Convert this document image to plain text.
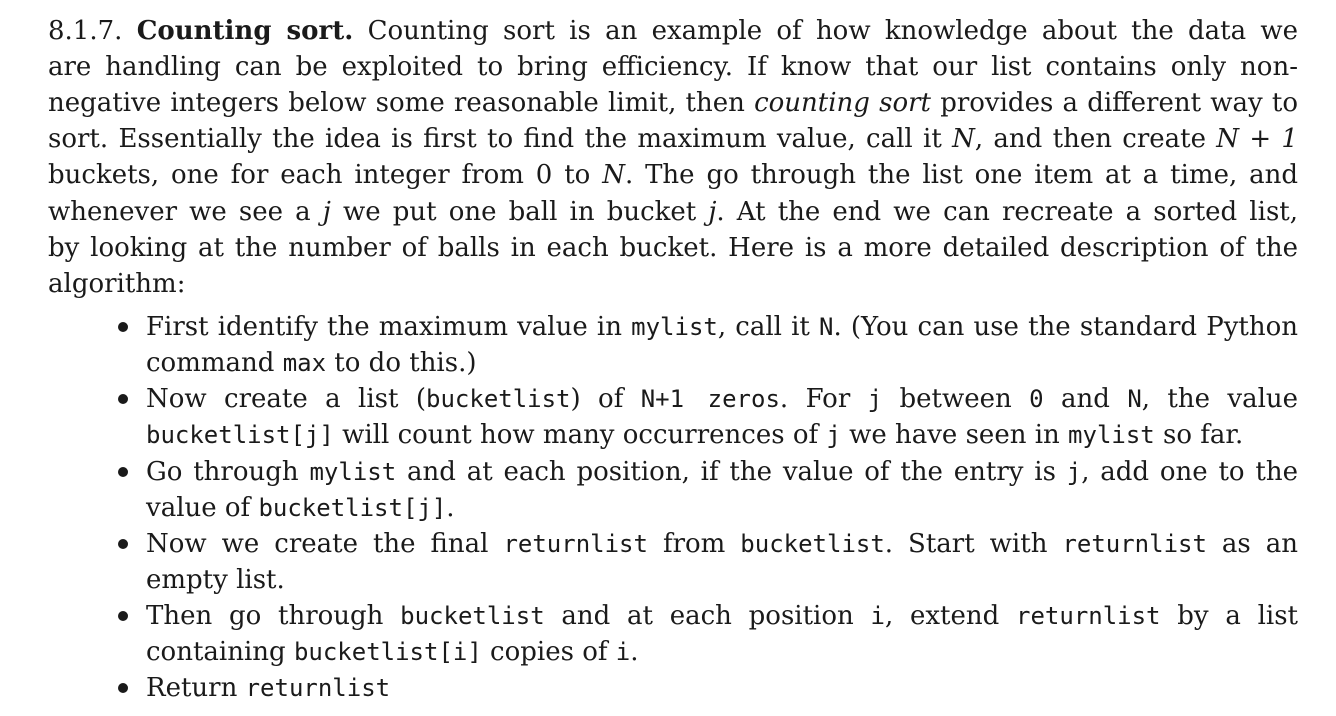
8.1.7. Counting sort. Counting sort is an example of how knowledge about the data we
are handling can be exploited to bring efficiency. If know that our list contains only non-
negative integers below some reasonable limit, then counting sort provides a different way to
sort. Essentially the idea is first to find the maximum value, call it N, and then create N + 1
buckets, one for each integer from 0 to N. The go through the list one item at a time, and
whenever we see a j we put one ball in bucket j. At the end we can recreate a sorted list,
by looking at the number of balls in each bucket. Here is a more detailed description of the
algorithm:
First identify the maximum value in mylist, call it N. (You can use the standard Python
command max to do this.)
Now create a list (bucketlist) of N+1 zeros. For j between 0 and N, the value
bucketlist[j] will count how many occurrences of j we have seen in mylist so far.
Go through mylist and at each position, if the value of the entry is j, add one to the
value of bucketlist[j].
Now we create the final returnlist from bucketlist. Start with returnlist as an
empty list.
Then go through bucketlist and at each position i, extend returnlist by a list
containing bucketlist[i] copies of i.
Return returnlist
